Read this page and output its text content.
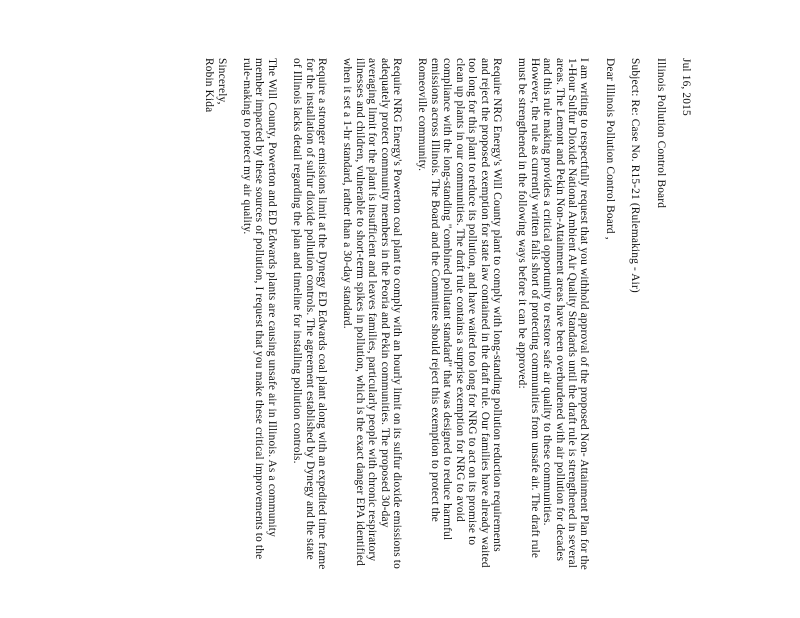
Jul 16, 2015
Illinois Pollution Control Board
Subject: Re: Case No. R15-21 (Rulemaking - Air)
Dear Illinois Pollution Control Board ,
I am writing to respectfully request that you withhold approval of the proposed Non- Attainment Plan for the 1-Hour Sulfur Dioxide National Ambient Air Quality Standards until the draft rule is strengthened in several areas. The Lemont and Pekin Non-Attainment areas have been overburdened with air pollution for decades and this rule making provides a critical opportunity to restore safe air quality to these communities. However, the rule as currently written falls short of protecting communities from unsafe air. The draft rule must be strengthened in the following ways before it can be approved:
Require NRG Energy's Will County plant to comply with long-standing pollution reduction requirements and reject the proposed exemption for state law contained in the draft rule. Our families have already waited too long for this plant to reduce its pollution, and have waited too long for NRG to act on its promise to clean up plants in our communities. The draft rule contains a surprise exemption for NRG to avoid compliance with the long-standing "combined pollutant standard" that was designed to reduce harmful emissions across Illinois. The Board and the Committee should reject this exemption to protect the Romeoville community.
Require NRG Energy's Powerton coal plant to comply with an hourly limit on its sulfur dioxide emissions to adequately protect community members in the Peoria and Pekin communities. The proposed 30-day averaging limit for the plant is insufficient and leaves families, particularly people with chronic respiratory illnesses and children, vulnerable to short-term spikes in pollution, which is the exact danger EPA identified when it set a 1-hr standard, rather than a 30-day standard.
Require a stronger emissions limit at the Dynegy ED Edwards coal plant along with an expedited time frame for the installation of sulfur dioxide pollution controls. The agreement established by Dynegy and the state of Illinois lacks detail regarding the plan and timeline for installing pollution controls.
The Will County, Powerton and ED Edwards plants are causing unsafe air in Illinois. As a community member impacted by these sources of pollution, I request that you make these critical improvements to the rule-making to protect my air quality.
Sincerely,
Robin Kida
